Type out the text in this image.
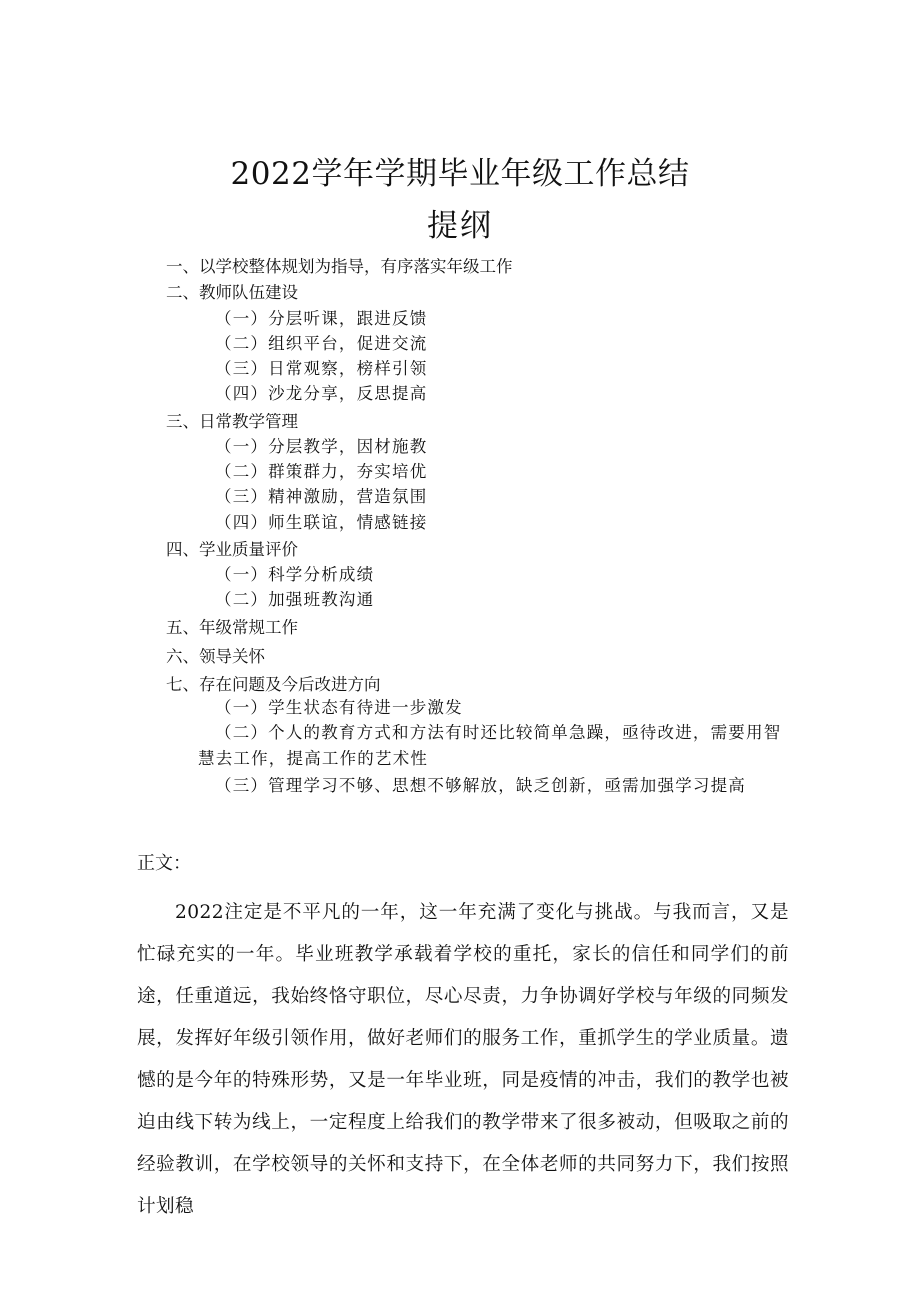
2022学年学期毕业年级工作总结
提纲
一、以学校整体规划为指导，有序落实年级工作
二、教师队伍建设
（一）分层听课，跟进反馈
（二）组织平台，促进交流
（三）日常观察，榜样引领
（四）沙龙分享，反思提高
三、日常教学管理
（一）分层教学，因材施教
（二）群策群力，夯实培优
（三）精神激励，营造氛围
（四）师生联谊，情感链接
四、学业质量评价
（一）科学分析成绩
（二）加强班教沟通
五、年级常规工作
六、领导关怀
七、存在问题及今后改进方向
（一）学生状态有待进一步激发
（二）个人的教育方式和方法有时还比较简单急躁，亟待改进，需要用智慧去工作，提高工作的艺术性
（三）管理学习不够、思想不够解放，缺乏创新，亟需加强学习提高
正文：
2022注定是不平凡的一年，这一年充满了变化与挑战。与我而言，又是忙碌充实的一年。毕业班教学承载着学校的重托，家长的信任和同学们的前途，任重道远，我始终恪守职位，尽心尽责，力争协调好学校与年级的同频发展，发挥好年级引领作用，做好老师们的服务工作，重抓学生的学业质量。遗憾的是今年的特殊形势，又是一年毕业班，同是疫情的冲击，我们的教学也被迫由线下转为线上，一定程度上给我们的教学带来了很多被动，但吸取之前的经验教训，在学校领导的关怀和支持下，在全体老师的共同努力下，我们按照计划稳
